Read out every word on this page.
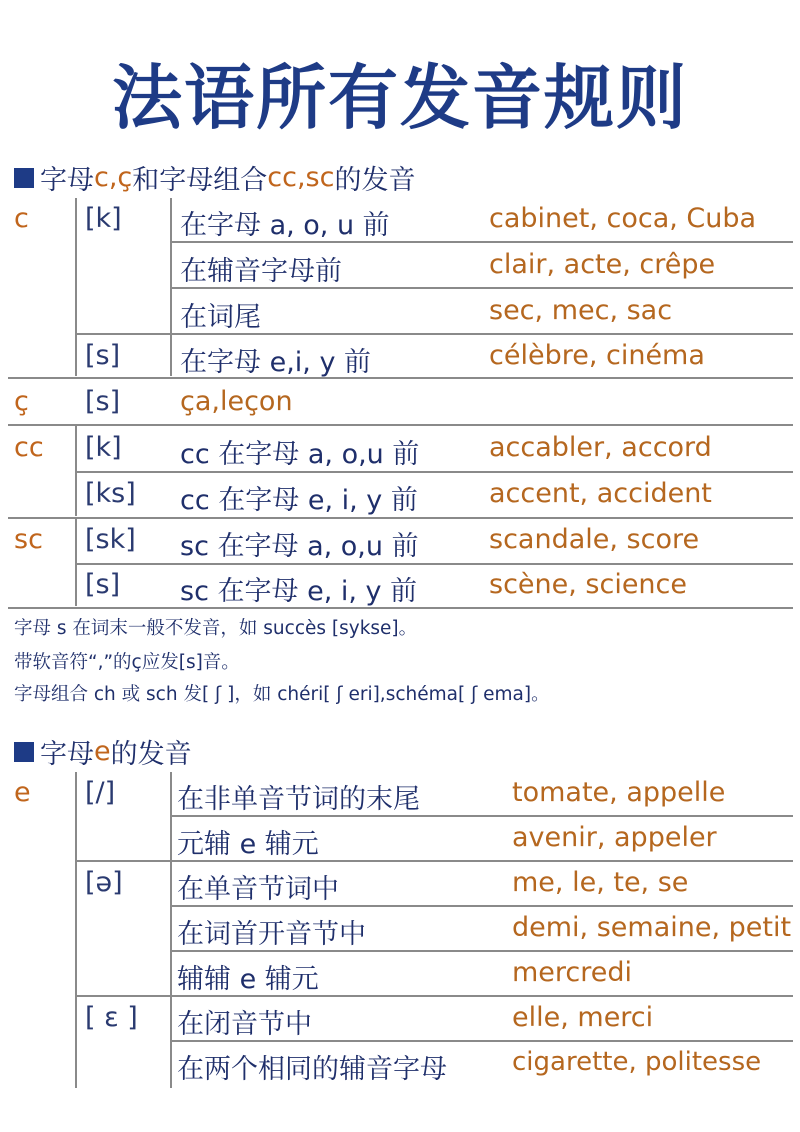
法语所有发音规则
字母 c,ç 和字母组合 cc,sc 的发音
c [k] 在字母 a, o, u 前	cabinet, coca, Cuba
在辅音字母前	clair, acte, crêpe
在词尾	sec, mec, sac
[s] 在字母 e,i, y 前	célèbre, cinéma
ç [s] ça,leçon
cc [k] cc 在字母 a, o,u 前	accabler, accord
[ks] cc 在字母 e, i, y 前	accent, accident
sc [sk] sc 在字母 a, o,u 前	scandale, score
[s] sc 在字母 e, i, y 前	scène, science
字母 s 在词末一般不发音，如 succès [sykse]。
带软音符“,”的ç应发[s]音。
字母组合 ch 或 sch 发[ ʃ ]，如 chéri[ ʃ eri],schéma[ ʃ ema]。
字母 e 的发音
e [/] 在非单音节词的末尾	tomate, appelle
元辅 e 辅元	avenir, appeler
[ə] 在单音节词中	me, le, te, se
在词首开音节中	demi, semaine, petit
辅辅 e 辅元	mercredi
[ ε ] 在闭音节中	elle, merci
在两个相同的辅音字母	cigarette, politesse
